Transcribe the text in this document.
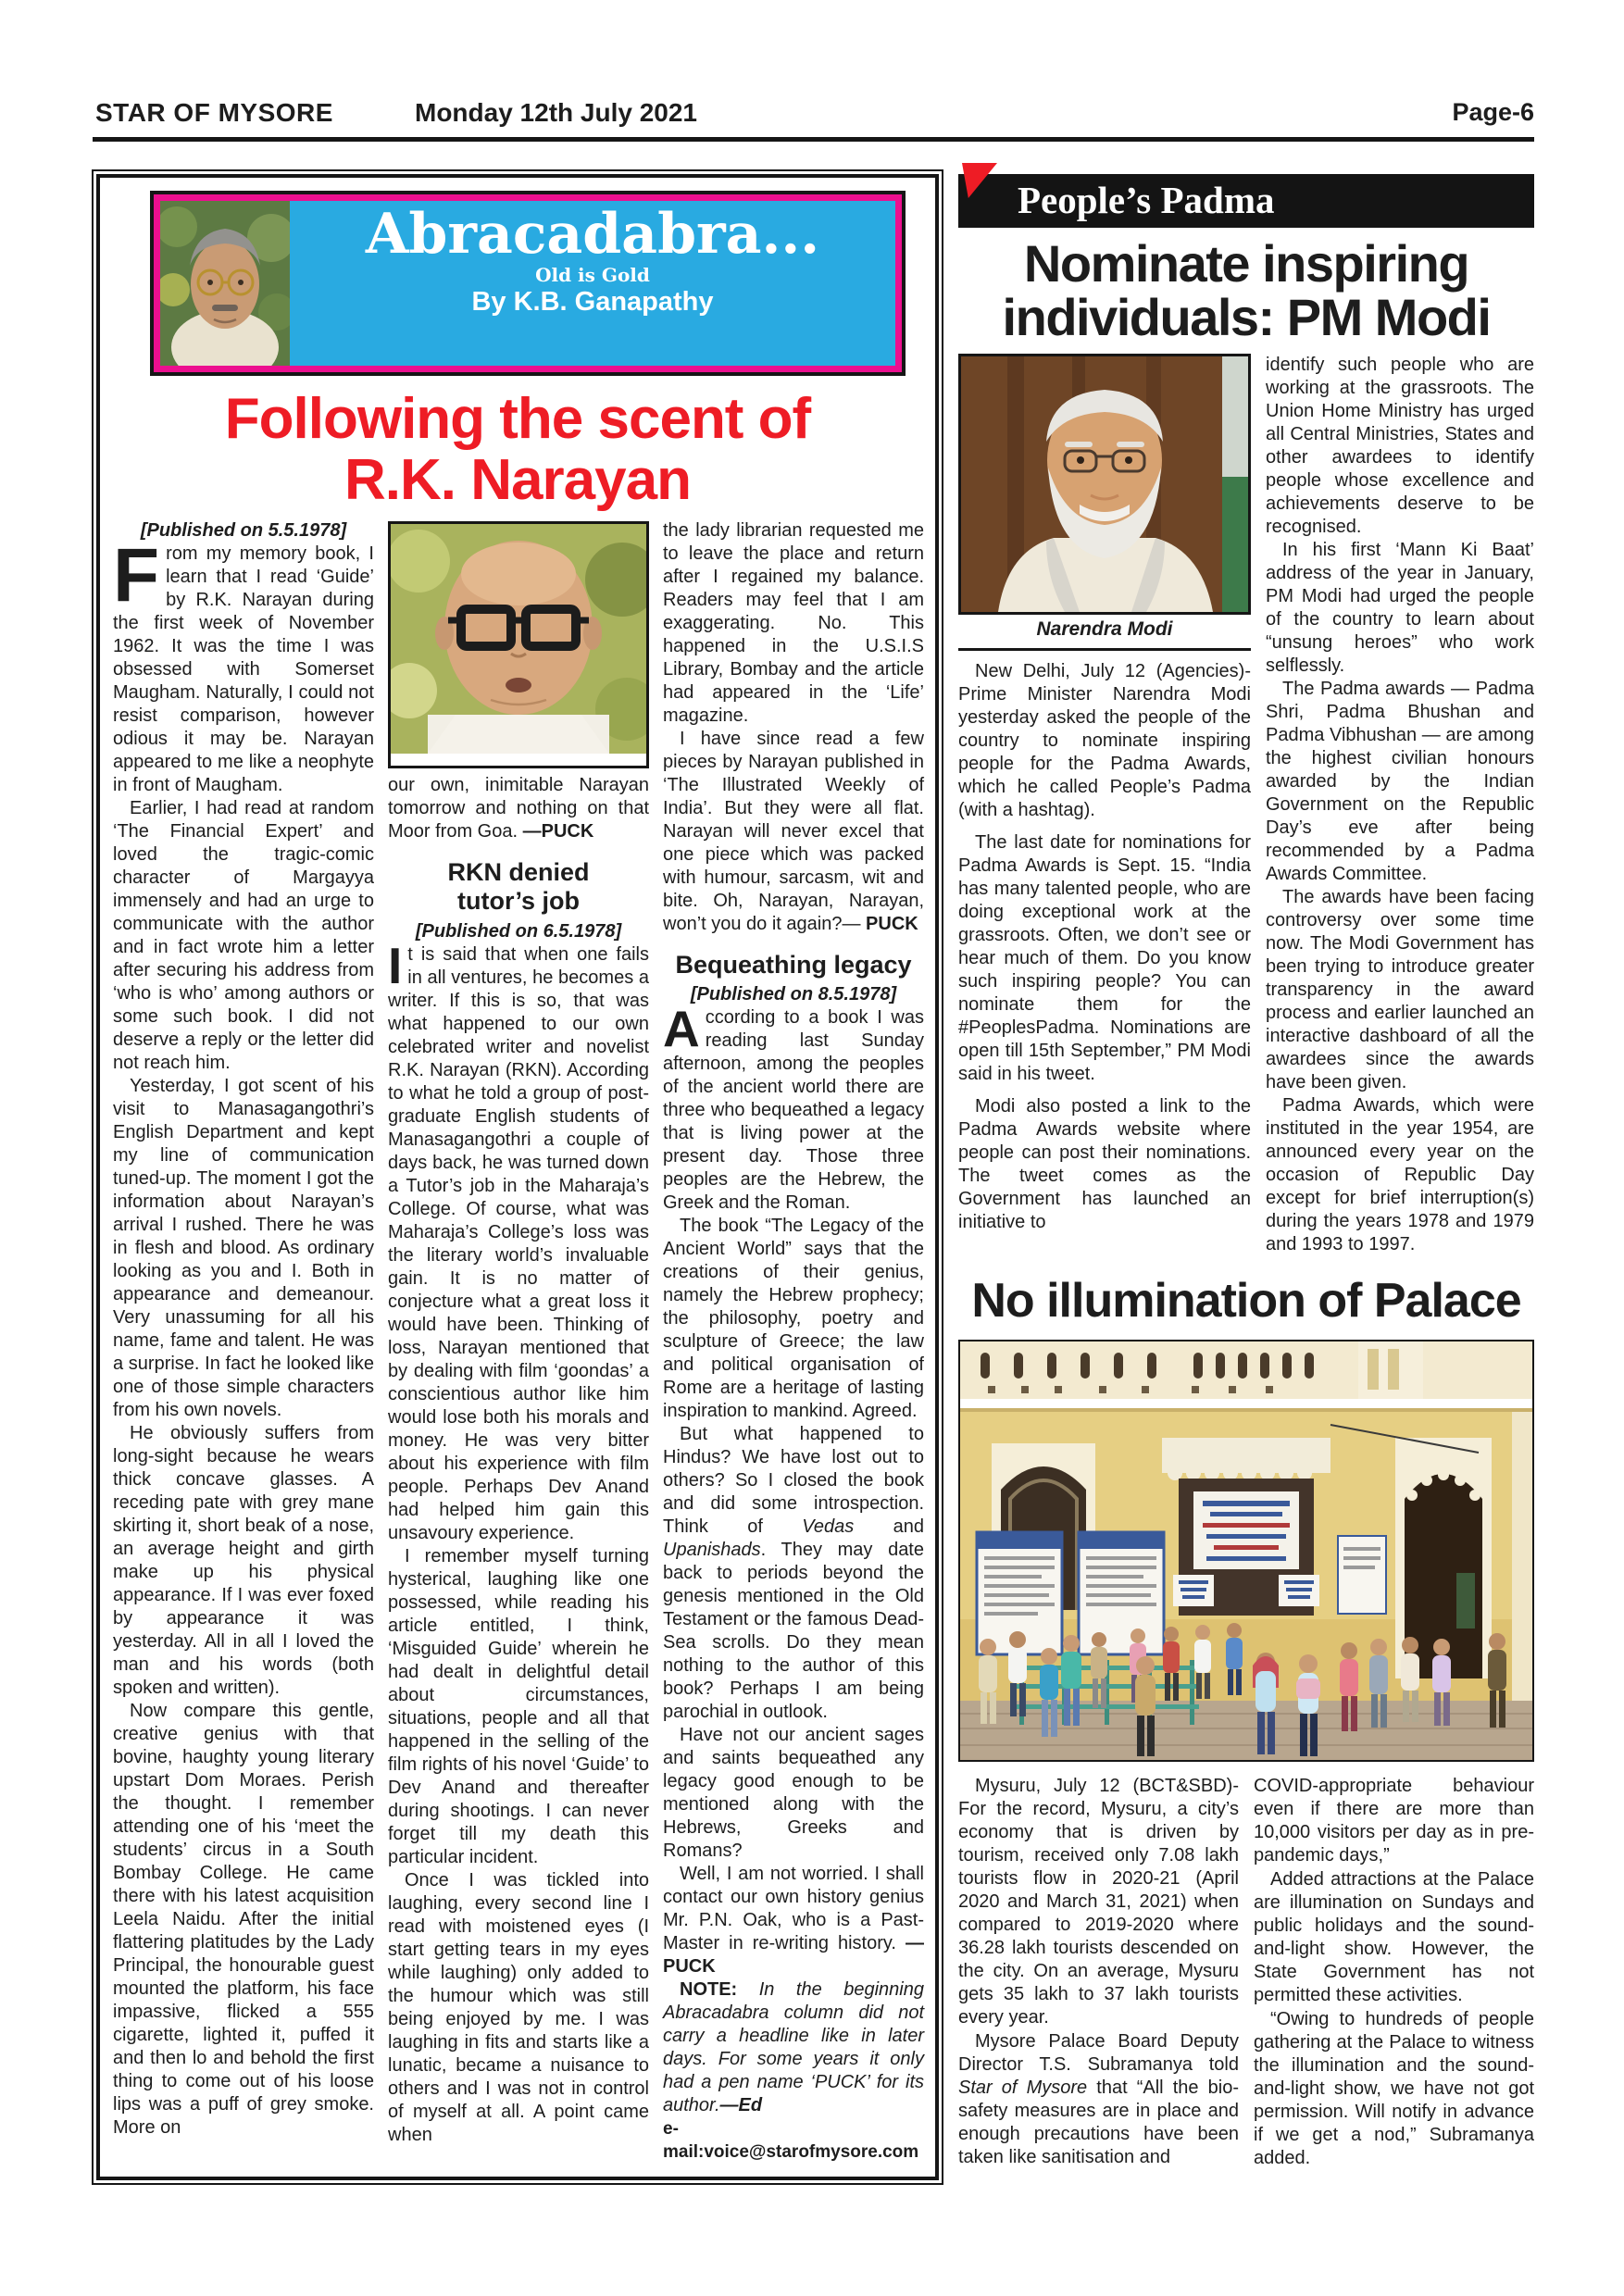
STAR OF MYSORE	Monday 12th July 2021	Page-6
Abracadabra...
Old is Gold
By K.B. Ganapathy
Following the scent of R.K. Narayan

[Published on 5.5.1978]

From my memory book, I learn that I read ‘Guide’ by R.K. Narayan during the first week of November 1962. It was the time I was obsessed with Somerset Maugham. Naturally, I could not resist comparison, however odious it may be. Narayan appeared to me like a neophyte in front of Maugham.

Earlier, I had read at random ‘The Financial Expert’ and loved the tragic-comic character of Margayya immensely and had an urge to communicate with the author and in fact wrote him a letter after securing his address from ‘who is who’ among authors or some such book. I did not deserve a reply or the letter did not reach him.

Yesterday, I got scent of his visit to Manasagangothri’s English Department and kept my line of communication tuned-up. The moment I got the information about Narayan’s arrival I rushed. There he was in flesh and blood. As ordinary looking as you and I. Both in appearance and demeanour. Very unassuming for all his name, fame and talent. He was a surprise. In fact he looked like one of those simple characters from his own novels.

He obviously suffers from long-sight because he wears thick concave glasses. A receding pate with grey mane skirting it, short beak of a nose, an average height and girth make up his physical appearance. If I was ever foxed by appearance it was yesterday. All in all I loved the man and his words (both spoken and written).

Now compare this gentle, creative genius with that bovine, haughty young literary upstart Dom Moraes. Perish the thought. I remember attending one of his ‘meet the students’ circus in a South Bombay College. He came there with his latest acquisition Leela Naidu. After the initial flattering platitudes by the Lady Principal, the honourable guest mounted the platform, his face impassive, flicked a 555 cigarette, lighted it, puffed it and then lo and behold the first thing to come out of his loose lips was a puff of grey smoke. More on

our own, inimitable Narayan tomorrow and nothing on that Moor from Goa. —PUCK

RKN denied tutor’s job

[Published on 6.5.1978]

It is said that when one fails in all ventures, he becomes a writer. If this is so, that was what happened to our own celebrated writer and novelist R.K. Narayan (RKN). According to what he told a group of post-graduate English students of Manasagangothri a couple of days back, he was turned down a Tutor’s job in the Maharaja’s College. Of course, what was Maharaja’s College’s loss was the literary world’s invaluable gain. It is no matter of conjecture what a great loss it would have been. Thinking of loss, Narayan mentioned that by dealing with film ‘goondas’ a conscientious author like him would lose both his morals and money. He was very bitter about his experience with film people. Perhaps Dev Anand had helped him gain this unsavoury experience.

I remember myself turning hysterical, laughing like one possessed, while reading his article entitled, I think, ‘Misguided Guide’ wherein he had dealt in delightful detail about circumstances, situations, people and all that happened in the selling of the film rights of his novel ‘Guide’ to Dev Anand and thereafter during shootings. I can never forget till my death this particular incident.

Once I was tickled into laughing, every second line I read with moistened eyes (I start getting tears in my eyes while laughing) only added to the humour which was still being enjoyed by me. I was laughing in fits and starts like a lunatic, became a nuisance to others and I was not in control of myself at all. A point came when

the lady librarian requested me to leave the place and return after I regained my balance. Readers may feel that I am exaggerating. No. This happened in the U.S.I.S Library, Bombay and the article had appeared in the ‘Life’ magazine.

I have since read a few pieces by Narayan published in ‘The Illustrated Weekly of India’. But they were all flat. Narayan will never excel that one piece which was packed with humour, sarcasm, wit and bite. Oh, Narayan, Narayan, won’t you do it again?— PUCK

Bequeathing legacy

[Published on 8.5.1978]

According to a book I was reading last Sunday afternoon, among the peoples of the ancient world there are three who bequeathed a legacy that is living power at the present day. Those three peoples are the Hebrew, the Greek and the Roman.

The book “The Legacy of the Ancient World” says that the creations of their genius, namely the Hebrew prophecy; the philosophy, poetry and sculpture of Greece; the law and political organisation of Rome are a heritage of lasting inspiration to mankind. Agreed.

But what happened to Hindus? We have lost out to others? So I closed the book and did some introspection. Think of Vedas and Upanishads. They may date back to periods beyond the genesis mentioned in the Old Testament or the famous Dead-Sea scrolls. Do they mean nothing to the author of this book? Perhaps I am being parochial in outlook.

Have not our ancient sages and saints bequeathed any legacy good enough to be mentioned along with the Hebrews, Greeks and Romans?

Well, I am not worried. I shall contact our own history genius Mr. P.N. Oak, who is a Past-Master in re-writing history. —PUCK

NOTE: In the beginning Abracadabra column did not carry a headline like in later days. For some years it only had a pen name ‘PUCK’ for its author.—Ed

e-mail:voice@starofmysore.com

People’s Padma
Nominate inspiring individuals: PM Modi
Narendra Modi

New Delhi, July 12 (Agencies)- Prime Minister Narendra Modi yesterday asked the people of the country to nominate inspiring people for the Padma Awards, which he called People’s Padma (with a hashtag).

The last date for nominations for Padma Awards is Sept. 15. “India has many talented people, who are doing exceptional work at the grassroots. Often, we don’t see or hear much of them. Do you know such inspiring people? You can nominate them for the #PeoplesPadma. Nominations are open till 15th September,” PM Modi said in his tweet.

Modi also posted a link to the Padma Awards website where people can post their nominations. The tweet comes as the Government has launched an initiative to

identify such people who are working at the grassroots. The Union Home Ministry has urged all Central Ministries, States and other awardees to identify people whose excellence and achievements deserve to be recognised.

In his first ‘Mann Ki Baat’ address of the year in January, PM Modi had urged the people of the country to learn about “unsung heroes” who work selflessly.

The Padma awards — Padma Shri, Padma Bhushan and Padma Vibhushan — are among the highest civilian honours awarded by the Indian Government on the Republic Day’s eve after being recommended by a Padma Awards Committee.

The awards have been facing controversy over some time now. The Modi Government has been trying to introduce greater transparency in the award process and earlier launched an interactive dashboard of all the awardees since the awards have been given.

Padma Awards, which were instituted in the year 1954, are announced every year on the occasion of Republic Day except for brief interruption(s) during the years 1978 and 1979 and 1993 to 1997.

No illumination of Palace

Mysuru, July 12 (BCT&SBD)- For the record, Mysuru, a city’s economy that is driven by tourism, received only 7.08 lakh tourists flow in 2020-21 (April 2020 and March 31, 2021) when compared to 2019-2020 where 36.28 lakh tourists descended on the city. On an average, Mysuru gets 35 lakh to 37 lakh tourists every year.

Mysore Palace Board Deputy Director T.S. Subramanya told Star of Mysore that “All the bio-safety measures are in place and enough precautions have been taken like sanitisation and

COVID-appropriate behaviour even if there are more than 10,000 visitors per day as in pre-pandemic days,”

Added attractions at the Palace are illumination on Sundays and public holidays and the sound-and-light show. However, the State Government has not permitted these activities.

“Owing to hundreds of people gathering at the Palace to witness the illumination and the sound-and-light show, we have not got permission. Will notify in advance if we get a nod,” Subramanya added.
